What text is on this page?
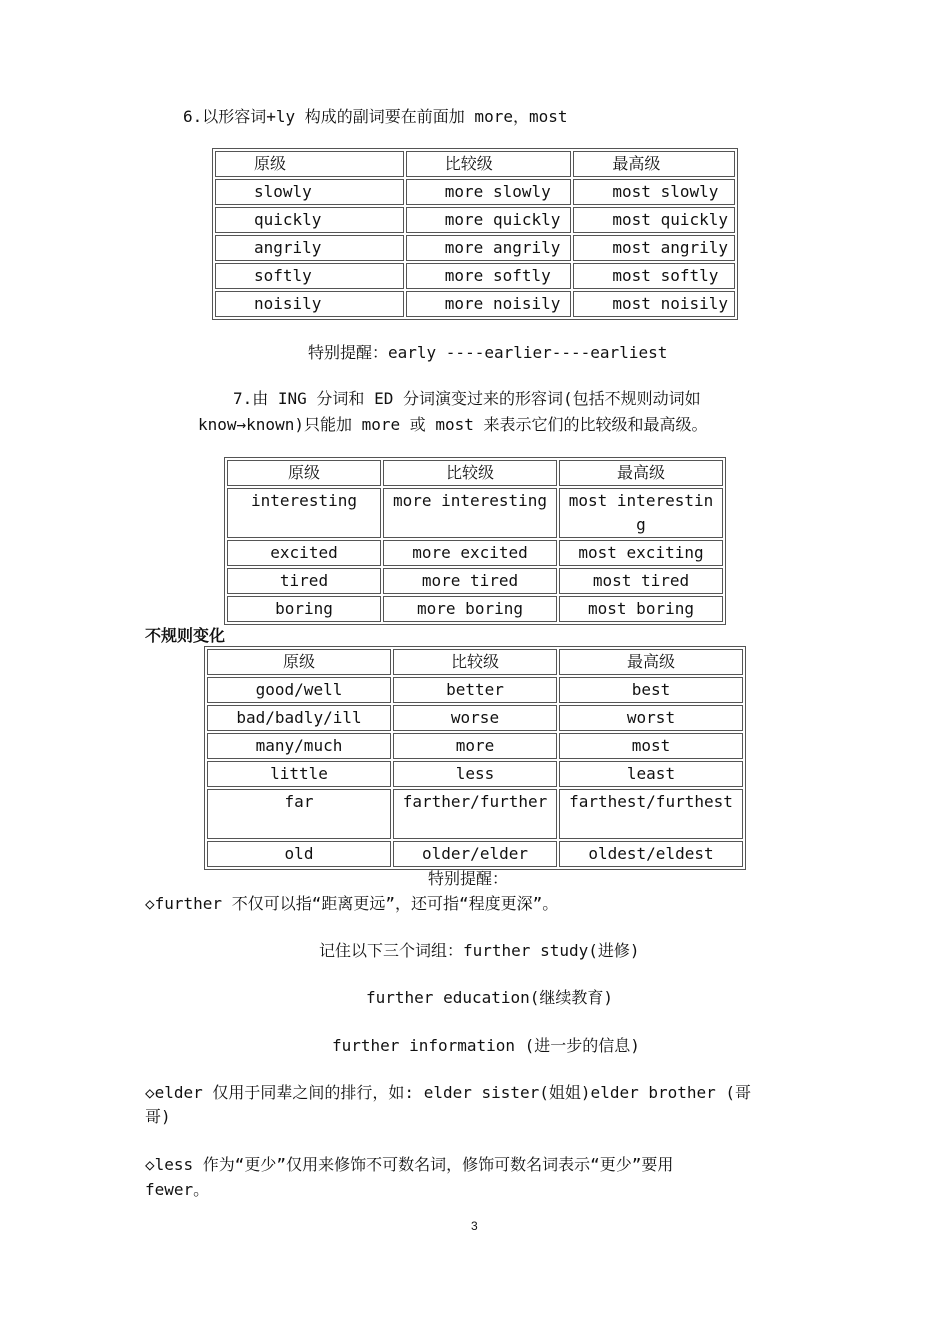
6.以形容词+ly 构成的副词要在前面加 more，most
原级	比较级	最高级
slowly	more slowly	most slowly
quickly	more quickly	most quickly
angrily	more angrily	most angrily
softly	more softly	most softly
noisily	more noisily	most noisily
特别提醒：early ----earlier----earliest
7.由 ING 分词和 ED 分词演变过来的形容词(包括不规则动词如
know→known)只能加 more 或 most 来表示它们的比较级和最高级。
原级	比较级	最高级
interesting	more interesting	most interesting
excited	more excited	most exciting
tired	more tired	most tired
boring	more boring	most boring
不规则变化
原级	比较级	最高级
good/well	better	best
bad/badly/ill	worse	worst
many/much	more	most
little	less	least
far	farther/further	farthest/furthest
old	older/elder	oldest/eldest
特别提醒：
◇further 不仅可以指“距离更远”，还可指“程度更深”。
记住以下三个词组：further study(进修)
further education(继续教育)
further information (进一步的信息)
◇elder 仅用于同辈之间的排行，如: elder sister(姐姐)elder brother (哥
哥)
◇less 作为“更少”仅用来修饰不可数名词，修饰可数名词表示“更少”要用
fewer。
3
